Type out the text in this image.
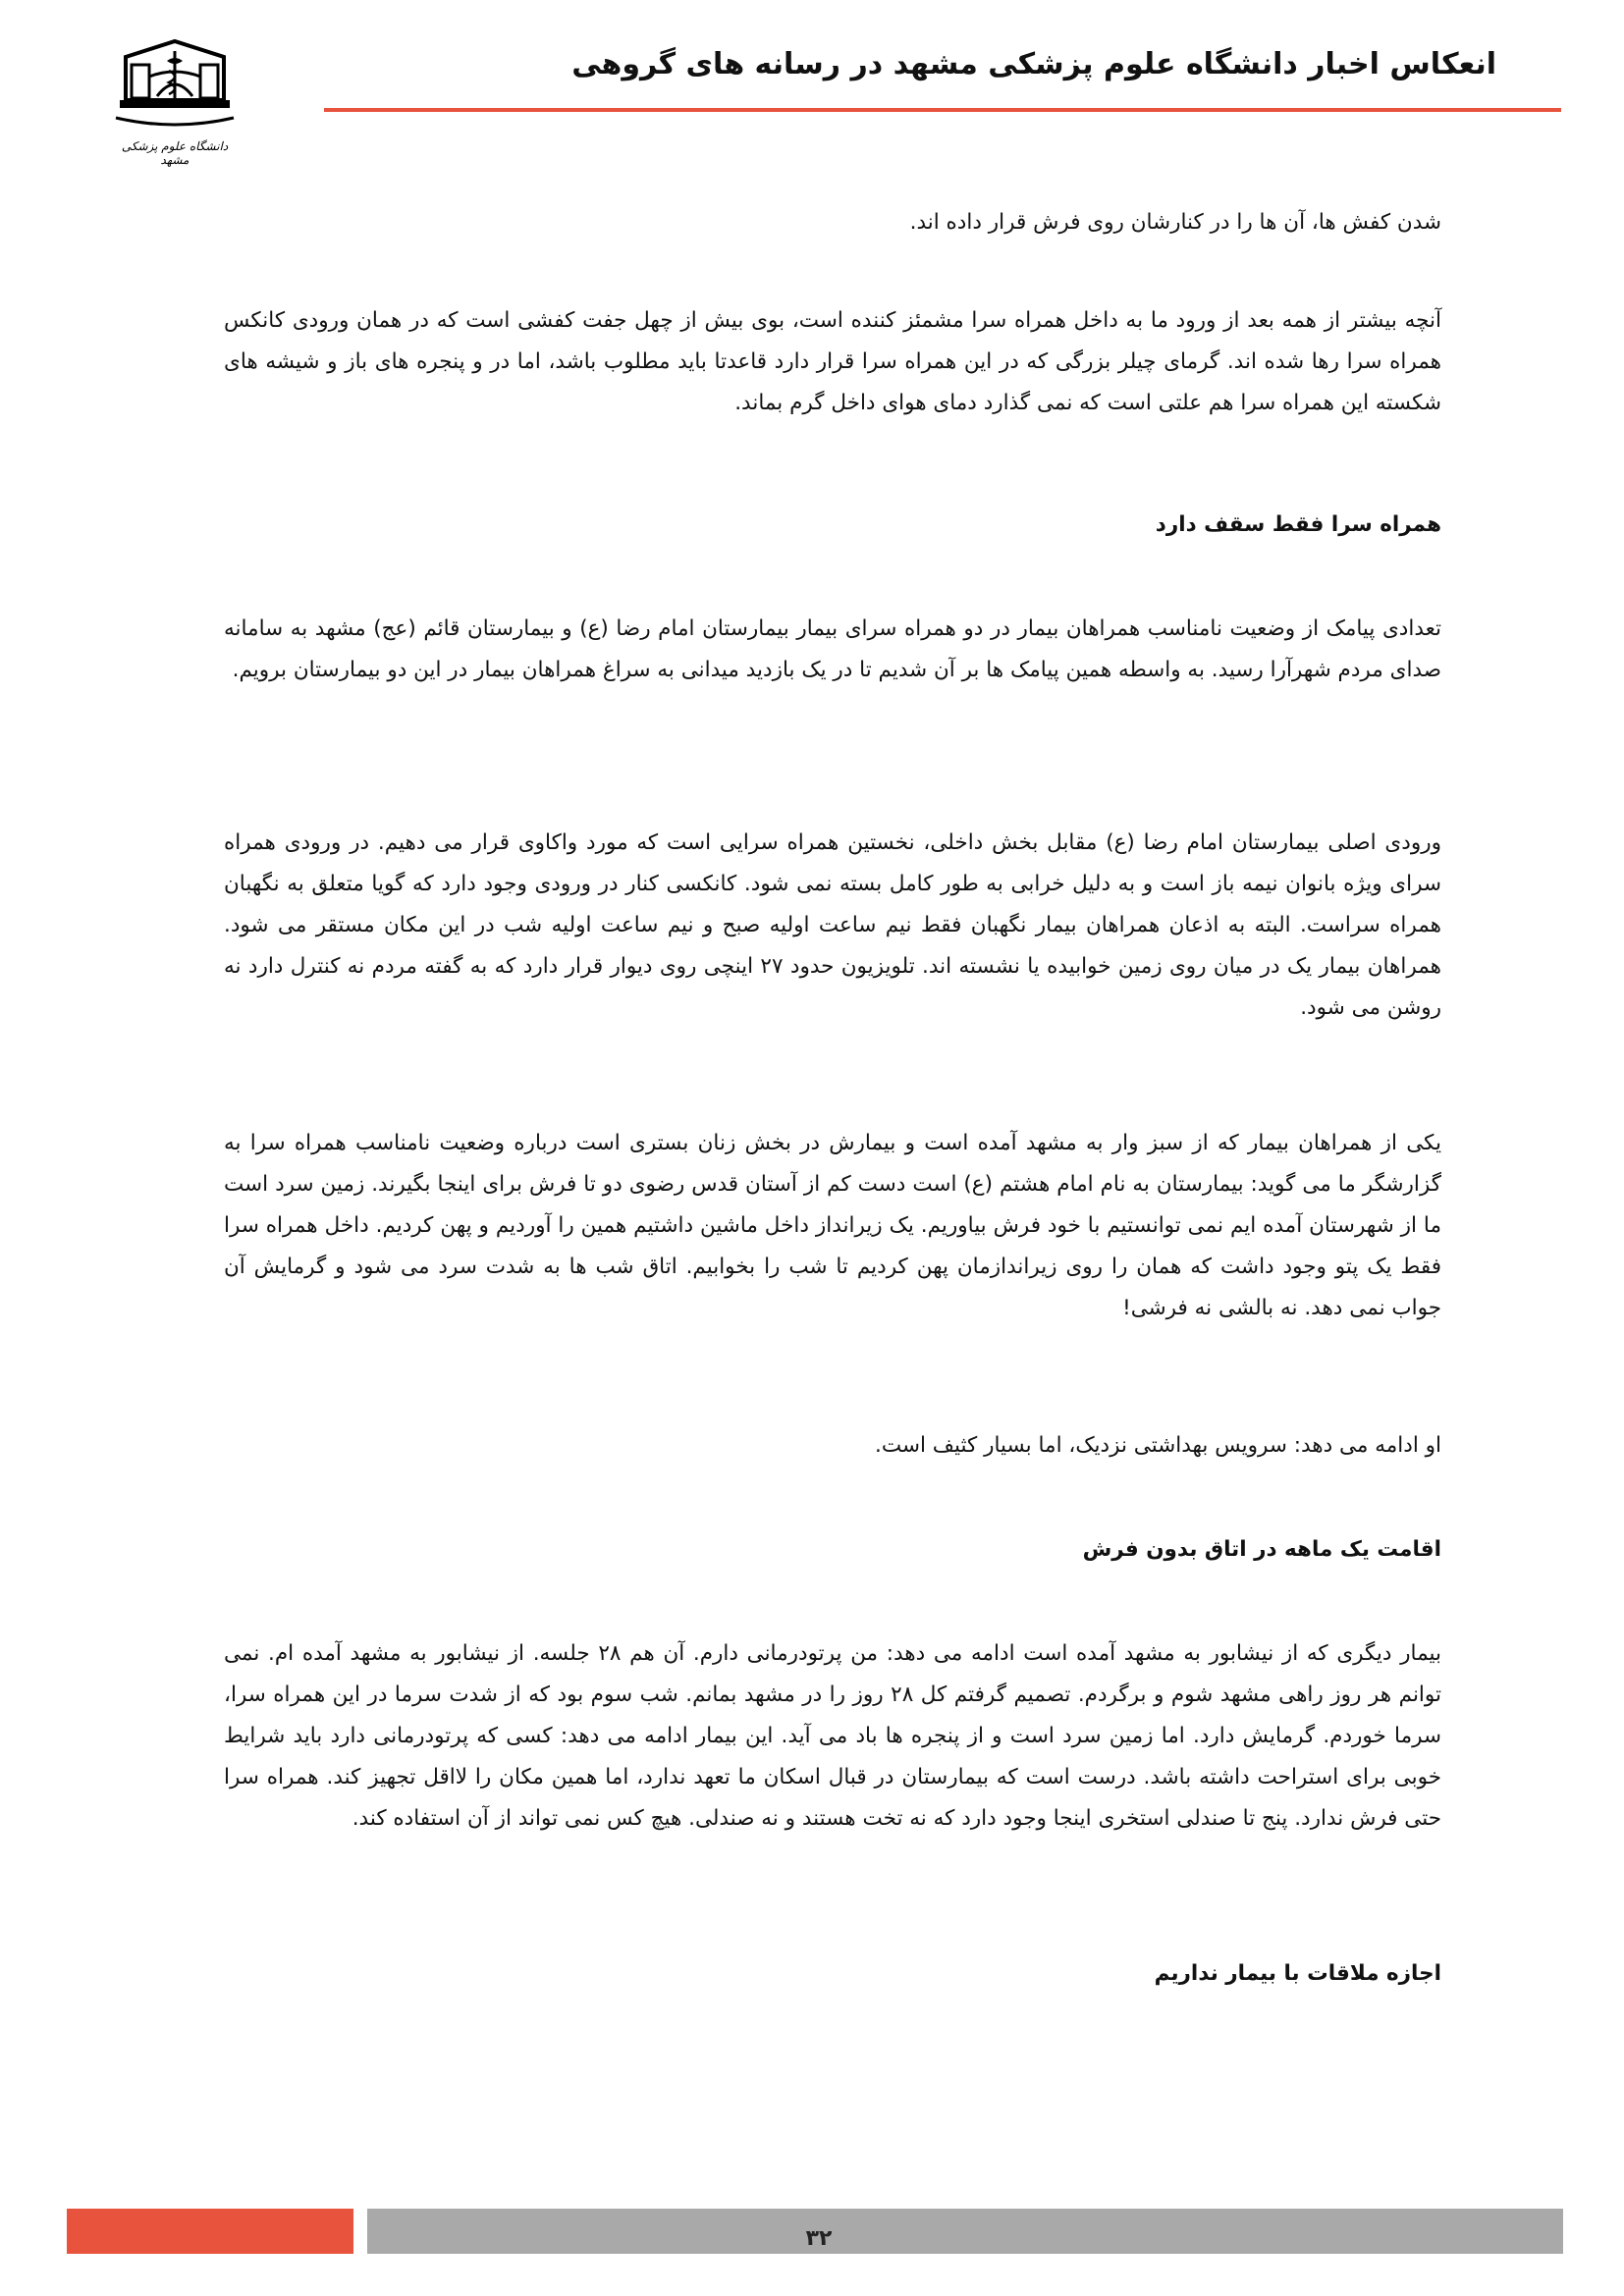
دانشگاه علوم پزشکی مشهد
انعکاس اخبار دانشگاه علوم پزشکی مشهد در رسانه های گروهی

شدن کفش ها، آن ها را در کنارشان روی فرش قرار داده اند.

آنچه بیشتر از همه بعد از ورود ما به داخل همراه سرا مشمئز کننده است، بوی بیش از چهل جفت کفشی است که در همان ورودی کانکس همراه سرا رها شده اند. گرمای چیلر بزرگی که در این همراه سرا قرار دارد قاعدتا باید مطلوب باشد، اما در و پنجره های باز و شیشه های شکسته این همراه سرا هم علتی است که نمی گذارد دمای هوای داخل گرم بماند.

همراه سرا فقط سقف دارد

تعدادی پیامک از وضعیت نامناسب همراهان بیمار در دو همراه سرای بیمار بیمارستان امام رضا (ع) و بیمارستان قائم (عج) مشهد به سامانه صدای مردم شهرآرا رسید. به واسطه همین پیامک ها بر آن شدیم تا در یک بازدید میدانی به سراغ همراهان بیمار در این دو بیمارستان برویم.

ورودی اصلی بیمارستان امام رضا (ع) مقابل بخش داخلی، نخستین همراه سرایی است که مورد واکاوی قرار می دهیم. در ورودی همراه سرای ویژه بانوان نیمه باز است و به دلیل خرابی به طور کامل بسته نمی شود. کانکسی کنار در ورودی وجود دارد که گویا متعلق به نگهبان همراه سراست. البته به اذعان همراهان بیمار نگهبان فقط نیم ساعت اولیه صبح و نیم ساعت اولیه شب در این مکان مستقر می شود. همراهان بیمار یک در میان روی زمین خوابیده یا نشسته اند. تلویزیون حدود ۲۷ اینچی روی دیوار قرار دارد که به گفته مردم نه کنترل دارد نه روشن می شود.

یکی از همراهان بیمار که از سبز وار به مشهد آمده است و بیمارش در بخش زنان بستری است درباره وضعیت نامناسب همراه سرا به گزارشگر ما می گوید: بیمارستان به نام امام هشتم (ع) است دست کم از آستان قدس رضوی دو تا فرش برای اینجا بگیرند. زمین سرد است ما از شهرستان آمده ایم نمی توانستیم با خود فرش بیاوریم. یک زیرانداز داخل ماشین داشتیم همین را آوردیم و پهن کردیم. داخل همراه سرا فقط یک پتو وجود داشت که همان را روی زیراندازمان پهن کردیم تا شب را بخوابیم. اتاق شب ها به شدت سرد می شود و گرمایش آن جواب نمی دهد. نه بالشی نه فرشی!

او ادامه می دهد: سرویس بهداشتی نزدیک، اما بسیار کثیف است.

اقامت یک ماهه در اتاق بدون فرش

بیمار دیگری که از نیشابور به مشهد آمده است ادامه می دهد: من پرتودرمانی دارم. آن هم ۲۸ جلسه. از نیشابور به مشهد آمده ام. نمی توانم هر روز راهی مشهد شوم و برگردم. تصمیم گرفتم کل ۲۸ روز را در مشهد بمانم. شب سوم بود که از شدت سرما در این همراه سرا، سرما خوردم. گرمایش دارد. اما زمین سرد است و از پنجره ها باد می آید. این بیمار ادامه می دهد: کسی که پرتودرمانی دارد باید شرایط خوبی برای استراحت داشته باشد. درست است که بیمارستان در قبال اسکان ما تعهد ندارد، اما همین مکان را لااقل تجهیز کند. همراه سرا حتی فرش ندارد. پنج تا صندلی استخری اینجا وجود دارد که نه تخت هستند و نه صندلی. هیچ کس نمی تواند از آن استفاده کند.

اجازه ملاقات با بیمار نداریم

۳۲
